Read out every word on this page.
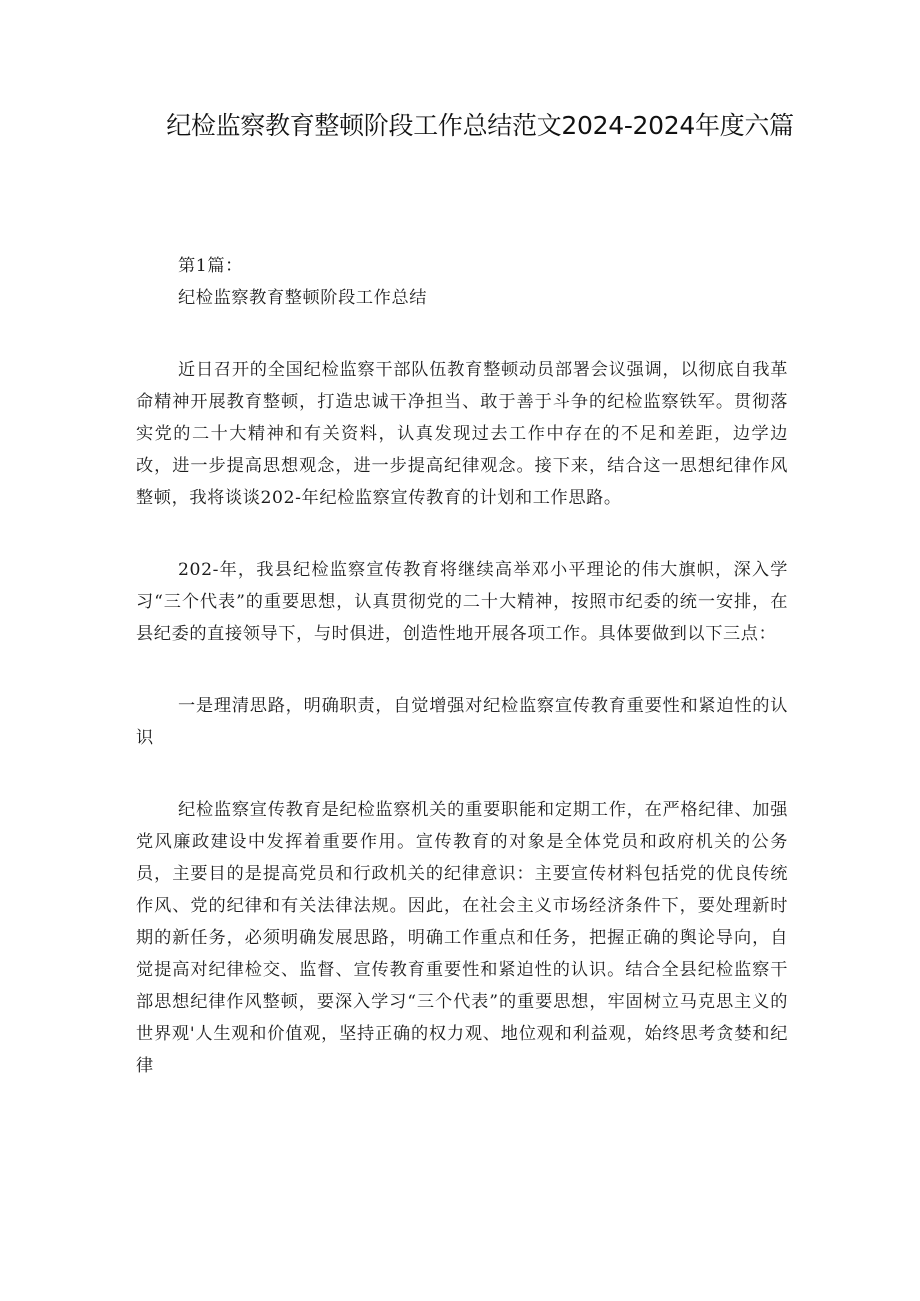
纪检监察教育整顿阶段工作总结范文2024-2024年度六篇

第1篇：

纪检监察教育整顿阶段工作总结

近日召开的全国纪检监察干部队伍教育整顿动员部署会议强调，以彻底自我革命精神开展教育整顿，打造忠诚干净担当、敢于善于斗争的纪检监察铁军。贯彻落实党的二十大精神和有关资料，认真发现过去工作中存在的不足和差距，边学边改，进一步提高思想观念，进一步提高纪律观念。接下来，结合这一思想纪律作风整顿，我将谈谈202-年纪检监察宣传教育的计划和工作思路。

202-年，我县纪检监察宣传教育将继续高举邓小平理论的伟大旗帜，深入学习“三个代表”的重要思想，认真贯彻党的二十大精神，按照市纪委的统一安排，在县纪委的直接领导下，与时俱进，创造性地开展各项工作。具体要做到以下三点：

一是理清思路，明确职责，自觉增强对纪检监察宣传教育重要性和紧迫性的认识

纪检监察宣传教育是纪检监察机关的重要职能和定期工作，在严格纪律、加强党风廉政建设中发挥着重要作用。宣传教育的对象是全体党员和政府机关的公务员，主要目的是提高党员和行政机关的纪律意识：主要宣传材料包括党的优良传统作风、党的纪律和有关法律法规。因此，在社会主义市场经济条件下，要处理新时期的新任务，必须明确发展思路，明确工作重点和任务，把握正确的舆论导向，自觉提高对纪律检交、监督、宣传教育重要性和紧迫性的认识。结合全县纪检监察干部思想纪律作风整顿，要深入学习“三个代表”的重要思想，牢固树立马克思主义的世界观'人生观和价值观，坚持正确的权力观、地位观和利益观，始终思考贪婪和纪律
